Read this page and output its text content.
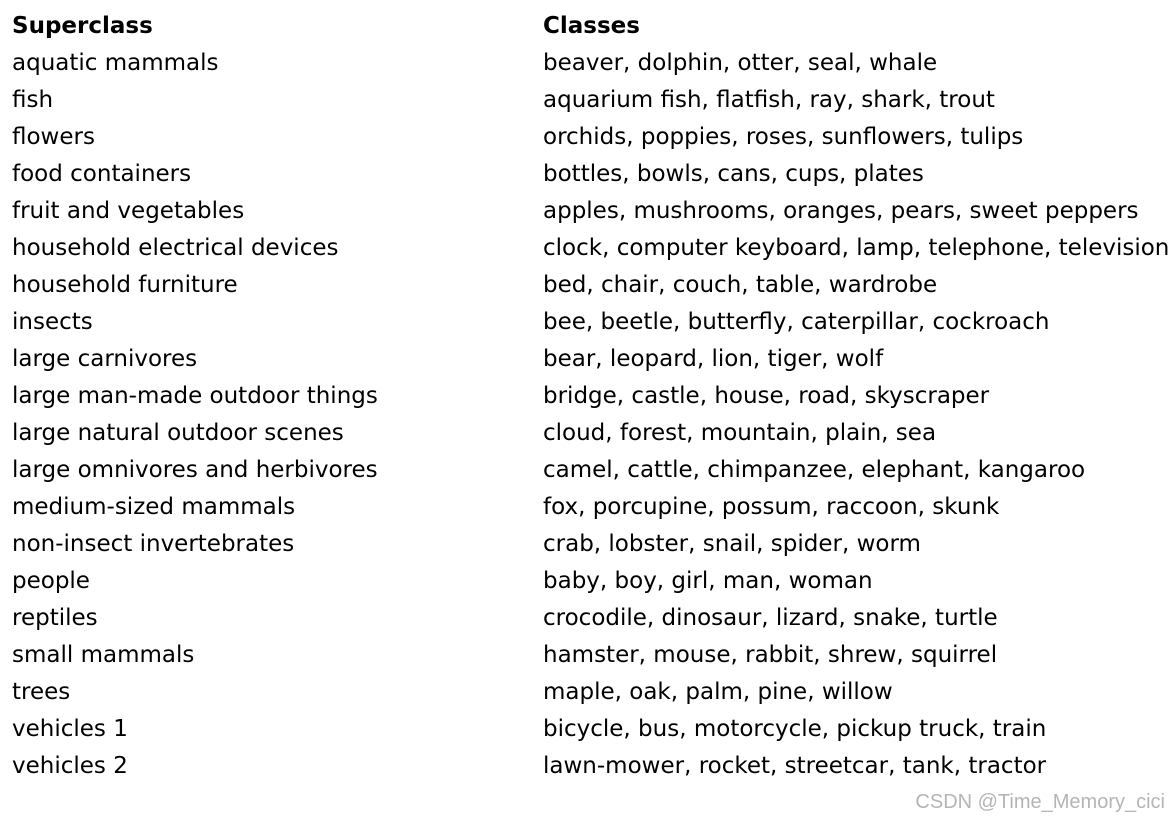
Superclass	Classes
aquatic mammals	beaver, dolphin, otter, seal, whale
fish	aquarium fish, flatfish, ray, shark, trout
flowers	orchids, poppies, roses, sunflowers, tulips
food containers	bottles, bowls, cans, cups, plates
fruit and vegetables	apples, mushrooms, oranges, pears, sweet peppers
household electrical devices	clock, computer keyboard, lamp, telephone, television
household furniture	bed, chair, couch, table, wardrobe
insects	bee, beetle, butterfly, caterpillar, cockroach
large carnivores	bear, leopard, lion, tiger, wolf
large man-made outdoor things	bridge, castle, house, road, skyscraper
large natural outdoor scenes	cloud, forest, mountain, plain, sea
large omnivores and herbivores	camel, cattle, chimpanzee, elephant, kangaroo
medium-sized mammals	fox, porcupine, possum, raccoon, skunk
non-insect invertebrates	crab, lobster, snail, spider, worm
people	baby, boy, girl, man, woman
reptiles	crocodile, dinosaur, lizard, snake, turtle
small mammals	hamster, mouse, rabbit, shrew, squirrel
trees	maple, oak, palm, pine, willow
vehicles 1	bicycle, bus, motorcycle, pickup truck, train
vehicles 2	lawn-mower, rocket, streetcar, tank, tractor
CSDN @Time_Memory_cici
